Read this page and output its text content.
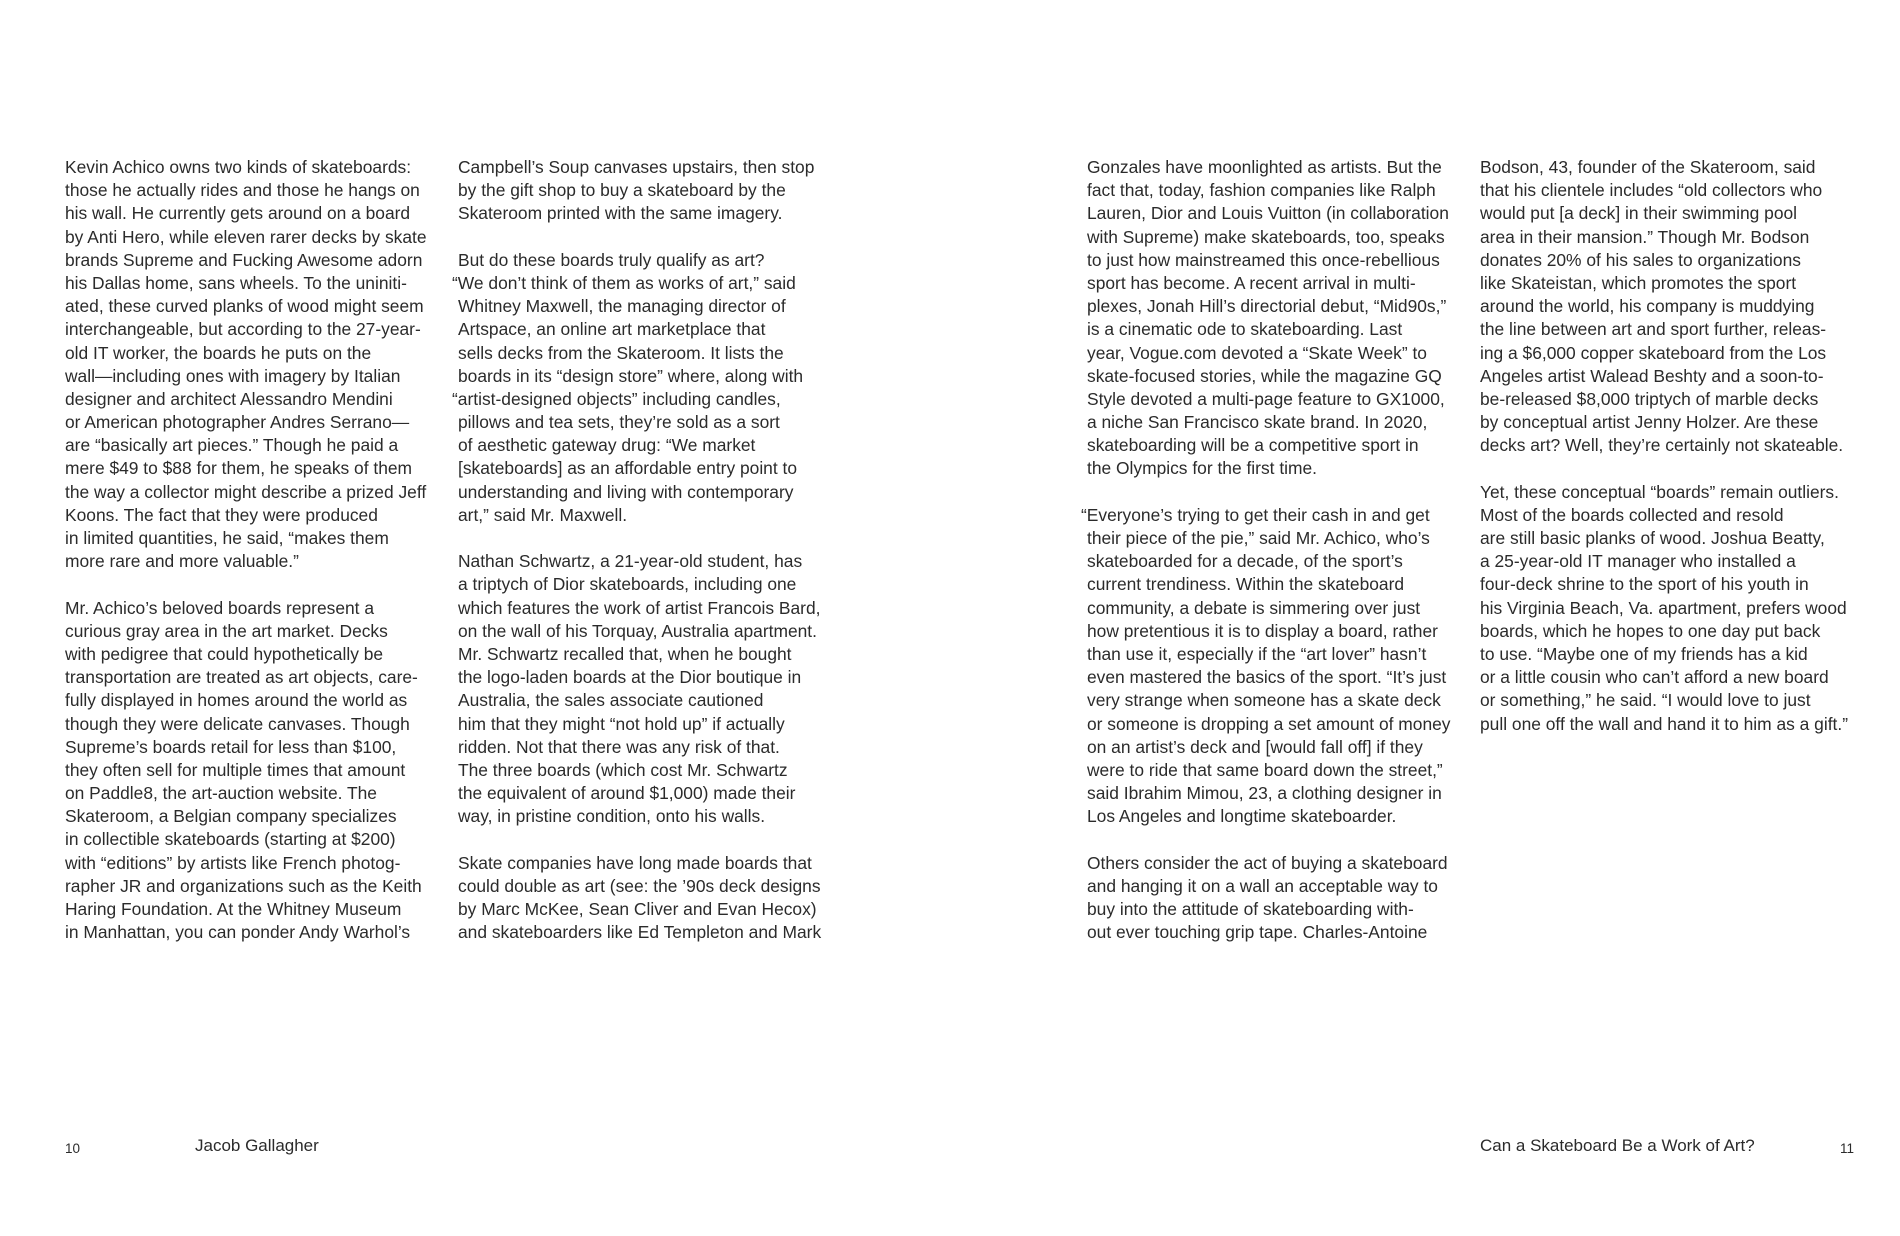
Kevin Achico owns two kinds of skateboards:
those he actually rides and those he hangs on
his wall. He currently gets around on a board
by Anti Hero, while eleven rarer decks by skate
brands Supreme and Fucking Awesome adorn
his Dallas home, sans wheels. To the uniniti-
ated, these curved planks of wood might seem
interchangeable, but according to the 27-year-
old IT worker, the boards he puts on the
wall—including ones with imagery by Italian
designer and architect Alessandro Mendini
or American photographer Andres Serrano—
are “basically art pieces.” Though he paid a
mere $49 to $88 for them, he speaks of them
the way a collector might describe a prized Jeff
Koons. The fact that they were produced
in limited quantities, he said, “makes them
more rare and more valuable.”
Mr. Achico’s beloved boards represent a
curious gray area in the art market. Decks
with pedigree that could hypothetically be
transportation are treated as art objects, care-
fully displayed in homes around the world as
though they were delicate canvases. Though
Supreme’s boards retail for less than $100,
they often sell for multiple times that amount
on Paddle8, the art-auction website. The
Skateroom, a Belgian company specializes
in collectible skateboards (starting at $200)
with “editions” by artists like French photog-
rapher JR and organizations such as the Keith
Haring Foundation. At the Whitney Museum
in Manhattan, you can ponder Andy Warhol’s
Campbell’s Soup canvases upstairs, then stop
by the gift shop to buy a skateboard by the
Skateroom printed with the same imagery.
But do these boards truly qualify as art?
“We don’t think of them as works of art,” said
Whitney Maxwell, the managing director of
Artspace, an online art marketplace that
sells decks from the Skateroom. It lists the
boards in its “design store” where, along with
“artist-designed objects” including candles,
pillows and tea sets, they’re sold as a sort
of aesthetic gateway drug: “We market
[skateboards] as an affordable entry point to
understanding and living with contemporary
art,” said Mr. Maxwell.
Nathan Schwartz, a 21-year-old student, has
a triptych of Dior skateboards, including one
which features the work of artist Francois Bard,
on the wall of his Torquay, Australia apartment.
Mr. Schwartz recalled that, when he bought
the logo-laden boards at the Dior boutique in
Australia, the sales associate cautioned
him that they might “not hold up” if actually
ridden. Not that there was any risk of that.
The three boards (which cost Mr. Schwartz
the equivalent of around $1,000) made their
way, in pristine condition, onto his walls.
Skate companies have long made boards that
could double as art (see: the ’90s deck designs
by Marc McKee, Sean Cliver and Evan Hecox)
and skateboarders like Ed Templeton and Mark
Gonzales have moonlighted as artists. But the
fact that, today, fashion companies like Ralph
Lauren, Dior and Louis Vuitton (in collaboration
with Supreme) make skateboards, too, speaks
to just how mainstreamed this once-rebellious
sport has become. A recent arrival in multi-
plexes, Jonah Hill’s directorial debut, “Mid90s,”
is a cinematic ode to skateboarding. Last
year, Vogue.com devoted a “Skate Week” to
skate-focused stories, while the magazine GQ
Style devoted a multi-page feature to GX1000,
a niche San Francisco skate brand. In 2020,
skateboarding will be a competitive sport in
the Olympics for the first time.
“Everyone’s trying to get their cash in and get
their piece of the pie,” said Mr. Achico, who’s
skateboarded for a decade, of the sport’s
current trendiness. Within the skateboard
community, a debate is simmering over just
how pretentious it is to display a board, rather
than use it, especially if the “art lover” hasn’t
even mastered the basics of the sport. “It’s just
very strange when someone has a skate deck
or someone is dropping a set amount of money
on an artist’s deck and [would fall off] if they
were to ride that same board down the street,”
said Ibrahim Mimou, 23, a clothing designer in
Los Angeles and longtime skateboarder.
Others consider the act of buying a skateboard
and hanging it on a wall an acceptable way to
buy into the attitude of skateboarding with-
out ever touching grip tape. Charles-Antoine
Bodson, 43, founder of the Skateroom, said
that his clientele includes “old collectors who
would put [a deck] in their swimming pool
area in their mansion.” Though Mr. Bodson
donates 20% of his sales to organizations
like Skateistan, which promotes the sport
around the world, his company is muddying
the line between art and sport further, releas-
ing a $6,000 copper skateboard from the Los
Angeles artist Walead Beshty and a soon-to-
be-released $8,000 triptych of marble decks
by conceptual artist Jenny Holzer. Are these
decks art? Well, they’re certainly not skateable.
Yet, these conceptual “boards” remain outliers.
Most of the boards collected and resold
are still basic planks of wood. Joshua Beatty,
a 25-year-old IT manager who installed a
four-deck shrine to the sport of his youth in
his Virginia Beach, Va. apartment, prefers wood
boards, which he hopes to one day put back
to use. “Maybe one of my friends has a kid
or a little cousin who can’t afford a new board
or something,” he said. “I would love to just
pull one off the wall and hand it to him as a gift.”
10	Jacob Gallagher	Can a Skateboard Be a Work of Art?	11
